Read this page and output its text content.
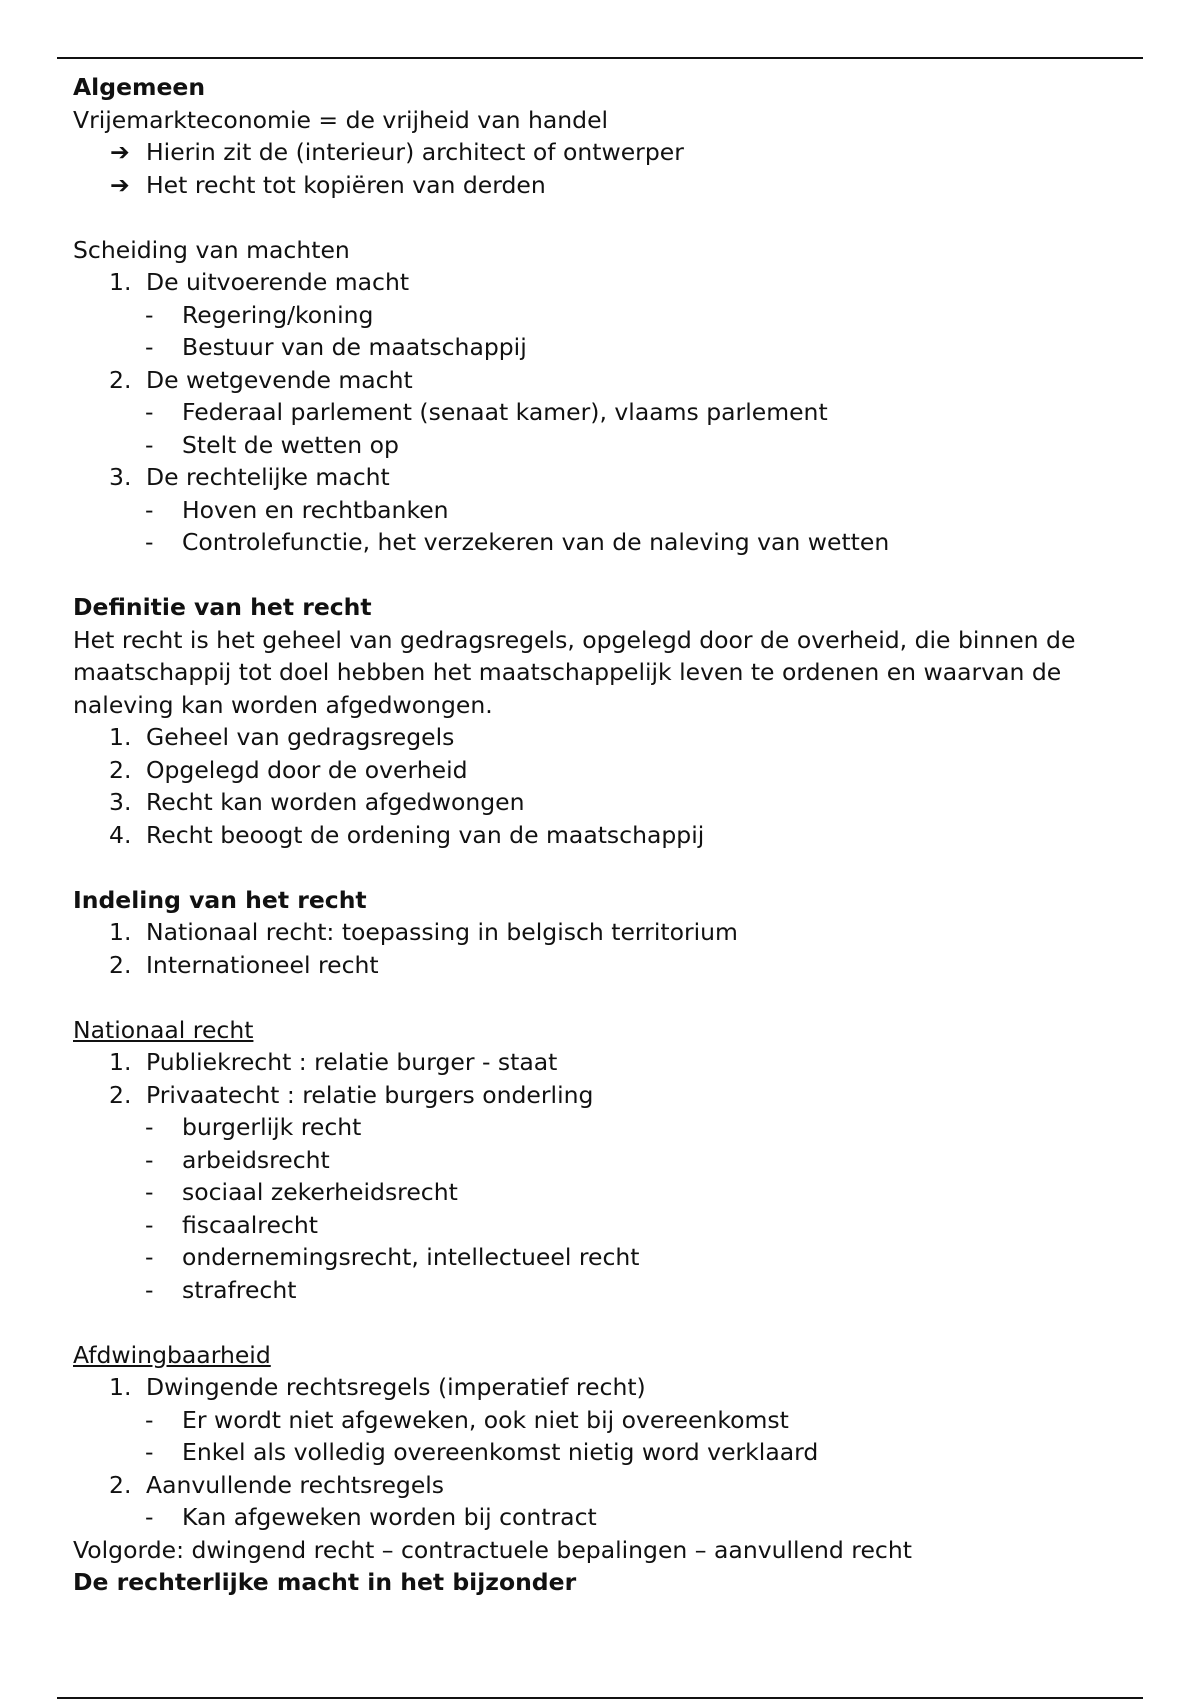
Algemeen
Vrijemarkteconomie = de vrijheid van handel
➔ Hierin zit de (interieur) architect of ontwerper
➔ Het recht tot kopiëren van derden
Scheiding van machten
1. De uitvoerende macht
- Regering/koning
- Bestuur van de maatschappij
2. De wetgevende macht
- Federaal parlement (senaat kamer), vlaams parlement
- Stelt de wetten op
3. De rechtelijke macht
- Hoven en rechtbanken
- Controlefunctie, het verzekeren van de naleving van wetten
Definitie van het recht
Het recht is het geheel van gedragsregels, opgelegd door de overheid, die binnen de maatschappij tot doel hebben het maatschappelijk leven te ordenen en waarvan de naleving kan worden afgedwongen.
1. Geheel van gedragsregels
2. Opgelegd door de overheid
3. Recht kan worden afgedwongen
4. Recht beoogt de ordening van de maatschappij
Indeling van het recht
1. Nationaal recht: toepassing in belgisch territorium
2. Internationeel recht
Nationaal recht
1. Publiekrecht : relatie burger - staat
2. Privaatecht : relatie burgers onderling
- burgerlijk recht
- arbeidsrecht
- sociaal zekerheidsrecht
- fiscaalrecht
- ondernemingsrecht, intellectueel recht
- strafrecht
Afdwingbaarheid
1. Dwingende rechtsregels (imperatief recht)
- Er wordt niet afgeweken, ook niet bij overeenkomst
- Enkel als volledig overeenkomst nietig word verklaard
2. Aanvullende rechtsregels
- Kan afgeweken worden bij contract
Volgorde: dwingend recht – contractuele bepalingen – aanvullend recht
De rechterlijke macht in het bijzonder
